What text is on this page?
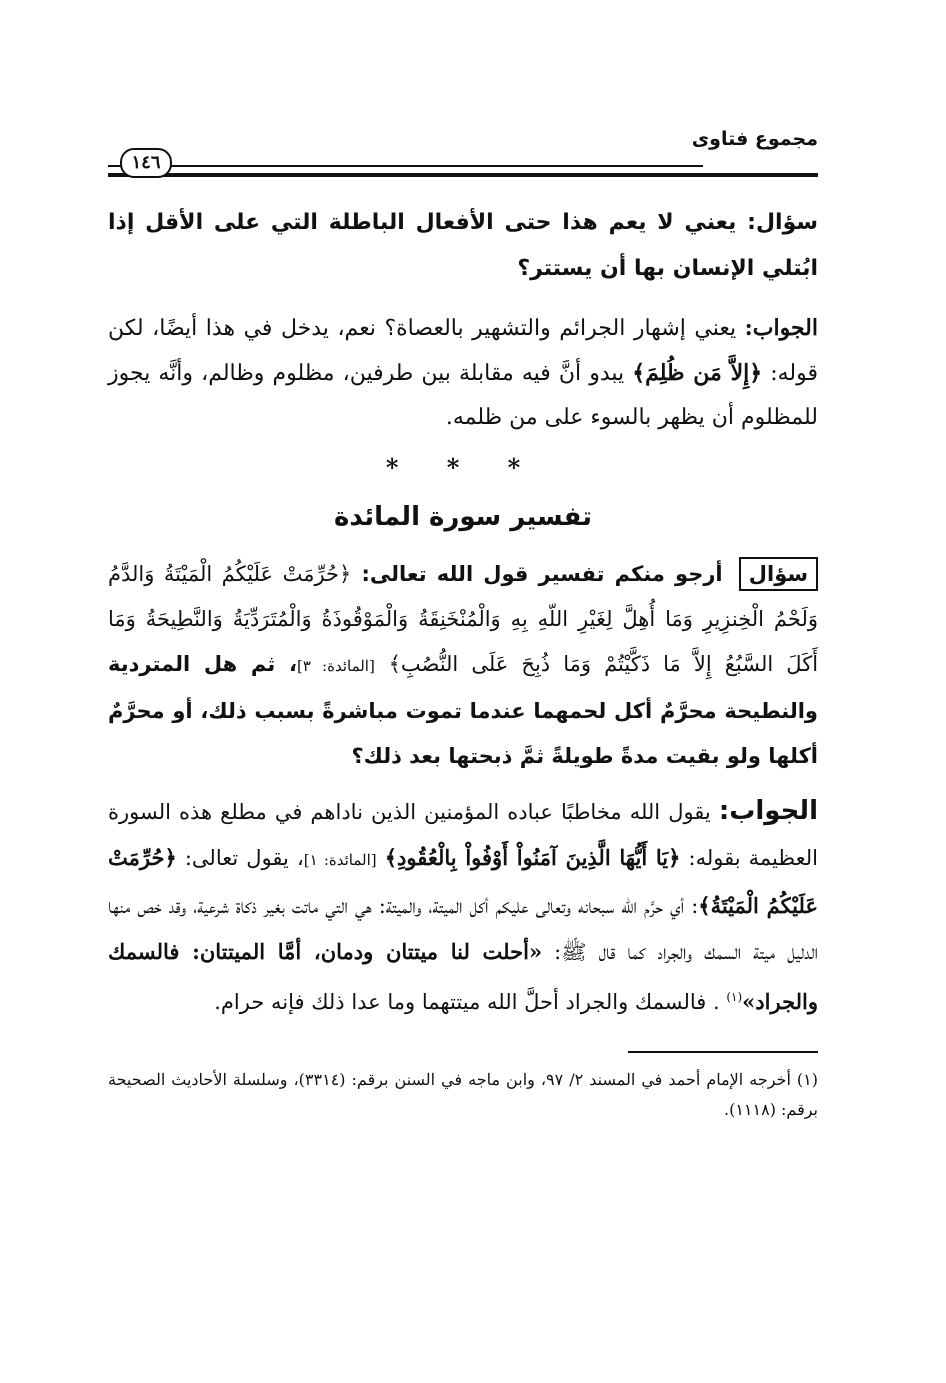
مجموع فتاوى
١٤٦

سؤال: يعني لا يعم هذا حتى الأفعال الباطلة التي على الأقل إذا ابُتلي الإنسان بها أن يستتر؟

الجواب: يعني إشهار الجرائم والتشهير بالعصاة؟ نعم، يدخل في هذا أيضًا، لكن قوله: ﴿إِلاَّ مَن ظُلِمَ﴾ يبدو أنَّ فيه مقابلة بين طرفين، مظلوم وظالم، وأنَّه يجوز للمظلوم أن يظهر بالسوء على من ظلمه.

* * *
تفسير سورة المائدة

سؤال أرجو منكم تفسير قول الله تعالى: ﴿حُرِّمَتْ عَلَيْكُمُ الْمَيْتَةُ وَالدَّمُ وَلَحْمُ الْخِنزِيرِ وَمَا أُهِلَّ لِغَيْرِ اللّهِ بِهِ وَالْمُنْخَنِقَةُ وَالْمَوْقُوذَةُ وَالْمُتَرَدِّيَةُ وَالنَّطِيحَةُ وَمَا أَكَلَ السَّبُعُ إِلاَّ مَا ذَكَّيْتُمْ وَمَا ذُبِحَ عَلَى النُّصُبِ﴾ [المائدة: ٣]، ثم هل المتردية والنطيحة محرَّمٌ أكل لحمهما عندما تموت مباشرةً بسبب ذلك، أو محرَّمٌ أكلها ولو بقيت مدةً طويلةً ثمَّ ذبحتها بعد ذلك؟

الجواب: يقول الله مخاطبًا عباده المؤمنين الذين ناداهم في مطلع هذه السورة العظيمة بقوله: ﴿يَا أَيُّهَا الَّذِينَ آمَنُواْ أَوْفُواْ بِالْعُقُودِ﴾ [المائدة: ١]، يقول تعالى: ﴿حُرِّمَتْ عَلَيْكُمُ الْمَيْتَةُ﴾: أي حرَّم الله سبحانه وتعالى عليكم أكل الميتة، والميتة: هي التي ماتت بغير ذكاة شرعية، وقد خص منها الدليل ميتة السمك والجراد كما قال ﷺ: «أحلت لنا ميتتان ودمان، أمَّا الميتتان: فالسمك والجراد»$^{(١)}$ . فالسمك والجراد أحلَّ الله ميتتهما وما عدا ذلك فإنه حرام.

(١) أخرجه الإمام أحمد في المسند ٢/ ٩٧، وابن ماجه في السنن برقم: (٣٣١٤)، وسلسلة الأحاديث الصحيحة برقم: (١١١٨).
